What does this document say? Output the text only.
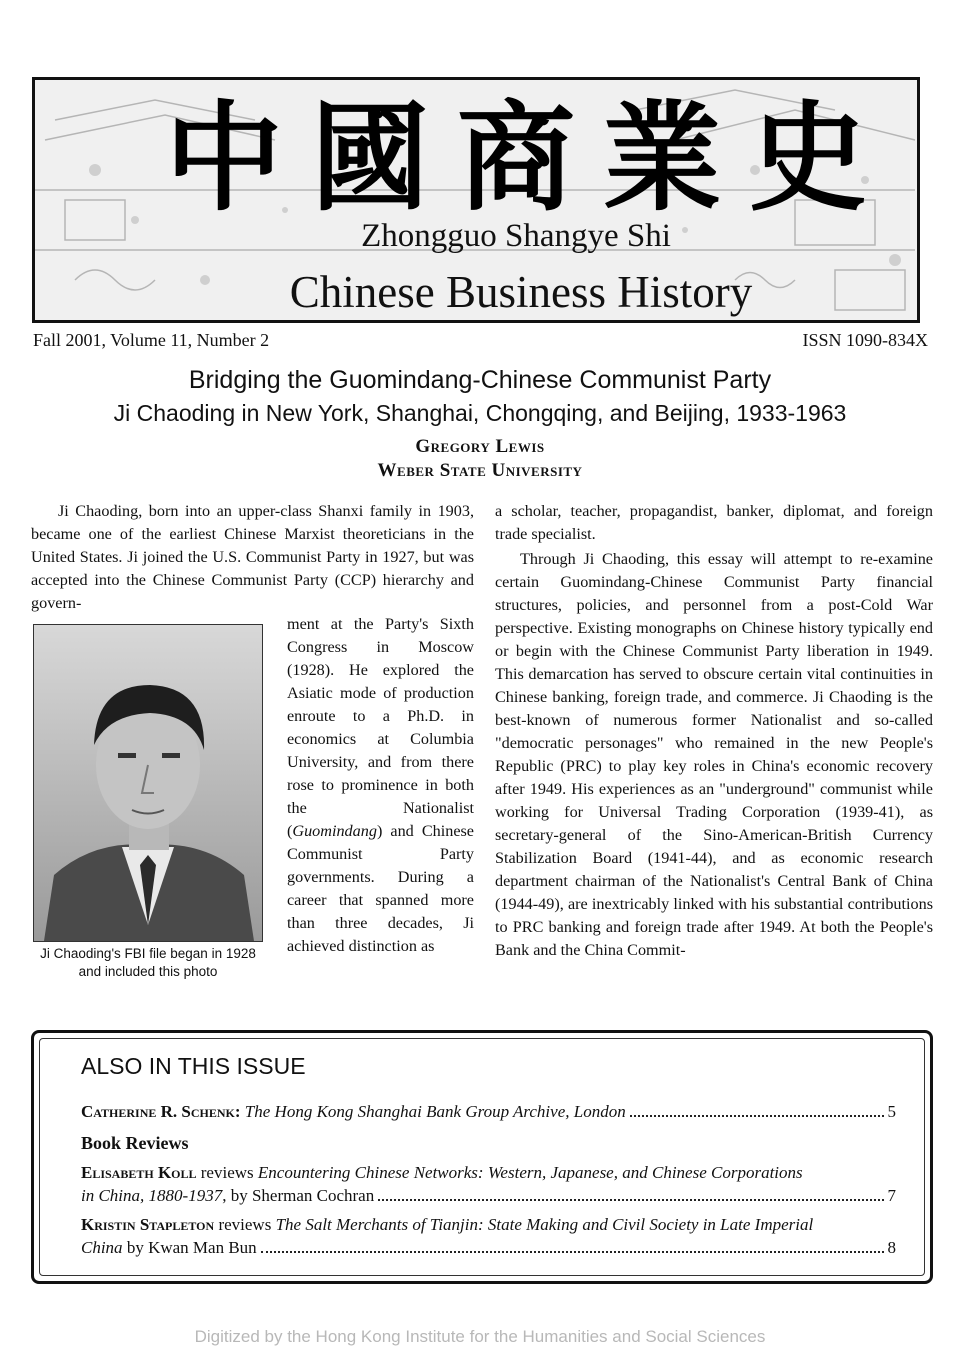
中國商業史
Zhongguo Shangye Shi
Chinese Business History
Fall 2001, Volume 11, Number 2	ISSN 1090-834X
Bridging the Guomindang-Chinese Communist Party
Ji Chaoding in New York, Shanghai, Chongqing, and Beijing, 1933-1963
Gregory Lewis
Weber State University

Ji Chaoding, born into an upper-class Shanxi family in 1903, became one of the earliest Chinese Marxist theoreticians in the United States. Ji joined the U.S. Communist Party in 1927, but was accepted into the Chinese Communist Party (CCP) hierarchy and govern-

Ji Chaoding's FBI file began in 1928 and included this photo

ment at the Party's Sixth Congress in Moscow (1928). He explored the Asiatic mode of production enroute to a Ph.D. in economics at Columbia University, and from there rose to prominence in both the Nationalist (Guomindang) and Chinese Communist Party governments. During a career that spanned more than three decades, Ji achieved distinction as

a scholar, teacher, propagandist, banker, diplomat, and foreign trade specialist.

Through Ji Chaoding, this essay will attempt to re-examine certain Guomindang-Chinese Communist Party financial structures, policies, and personnel from a post-Cold War perspective. Existing monographs on Chinese history typically end or begin with the Chinese Communist Party liberation in 1949. This demarcation has served to obscure certain vital continuities in Chinese banking, foreign trade, and commerce. Ji Chaoding is the best-known of numerous former Nationalist and so-called "democratic personages" who remained in the new People's Republic (PRC) to play key roles in China's economic recovery after 1949. His experiences as an "underground" communist while working for Universal Trading Corporation (1939-41), as secretary-general of the Sino-American-British Currency Stabilization Board (1941-44), and as economic research department chairman of the Nationalist's Central Bank of China (1944-49), are inextricably linked with his substantial contributions to PRC banking and foreign trade after 1949. At both the People's Bank and the China Commit-

ALSO IN THIS ISSUE
Catherine R. Schenk: The Hong Kong Shanghai Bank Group Archive, London	5
Book Reviews
Elisabeth Koll reviews Encountering Chinese Networks: Western, Japanese, and Chinese Corporations
in China, 1880-1937, by Sherman Cochran	7
Kristin Stapleton reviews The Salt Merchants of Tianjin: State Making and Civil Society in Late Imperial
China by Kwan Man Bun	8
Digitized by the Hong Kong Institute for the Humanities and Social Sciences
